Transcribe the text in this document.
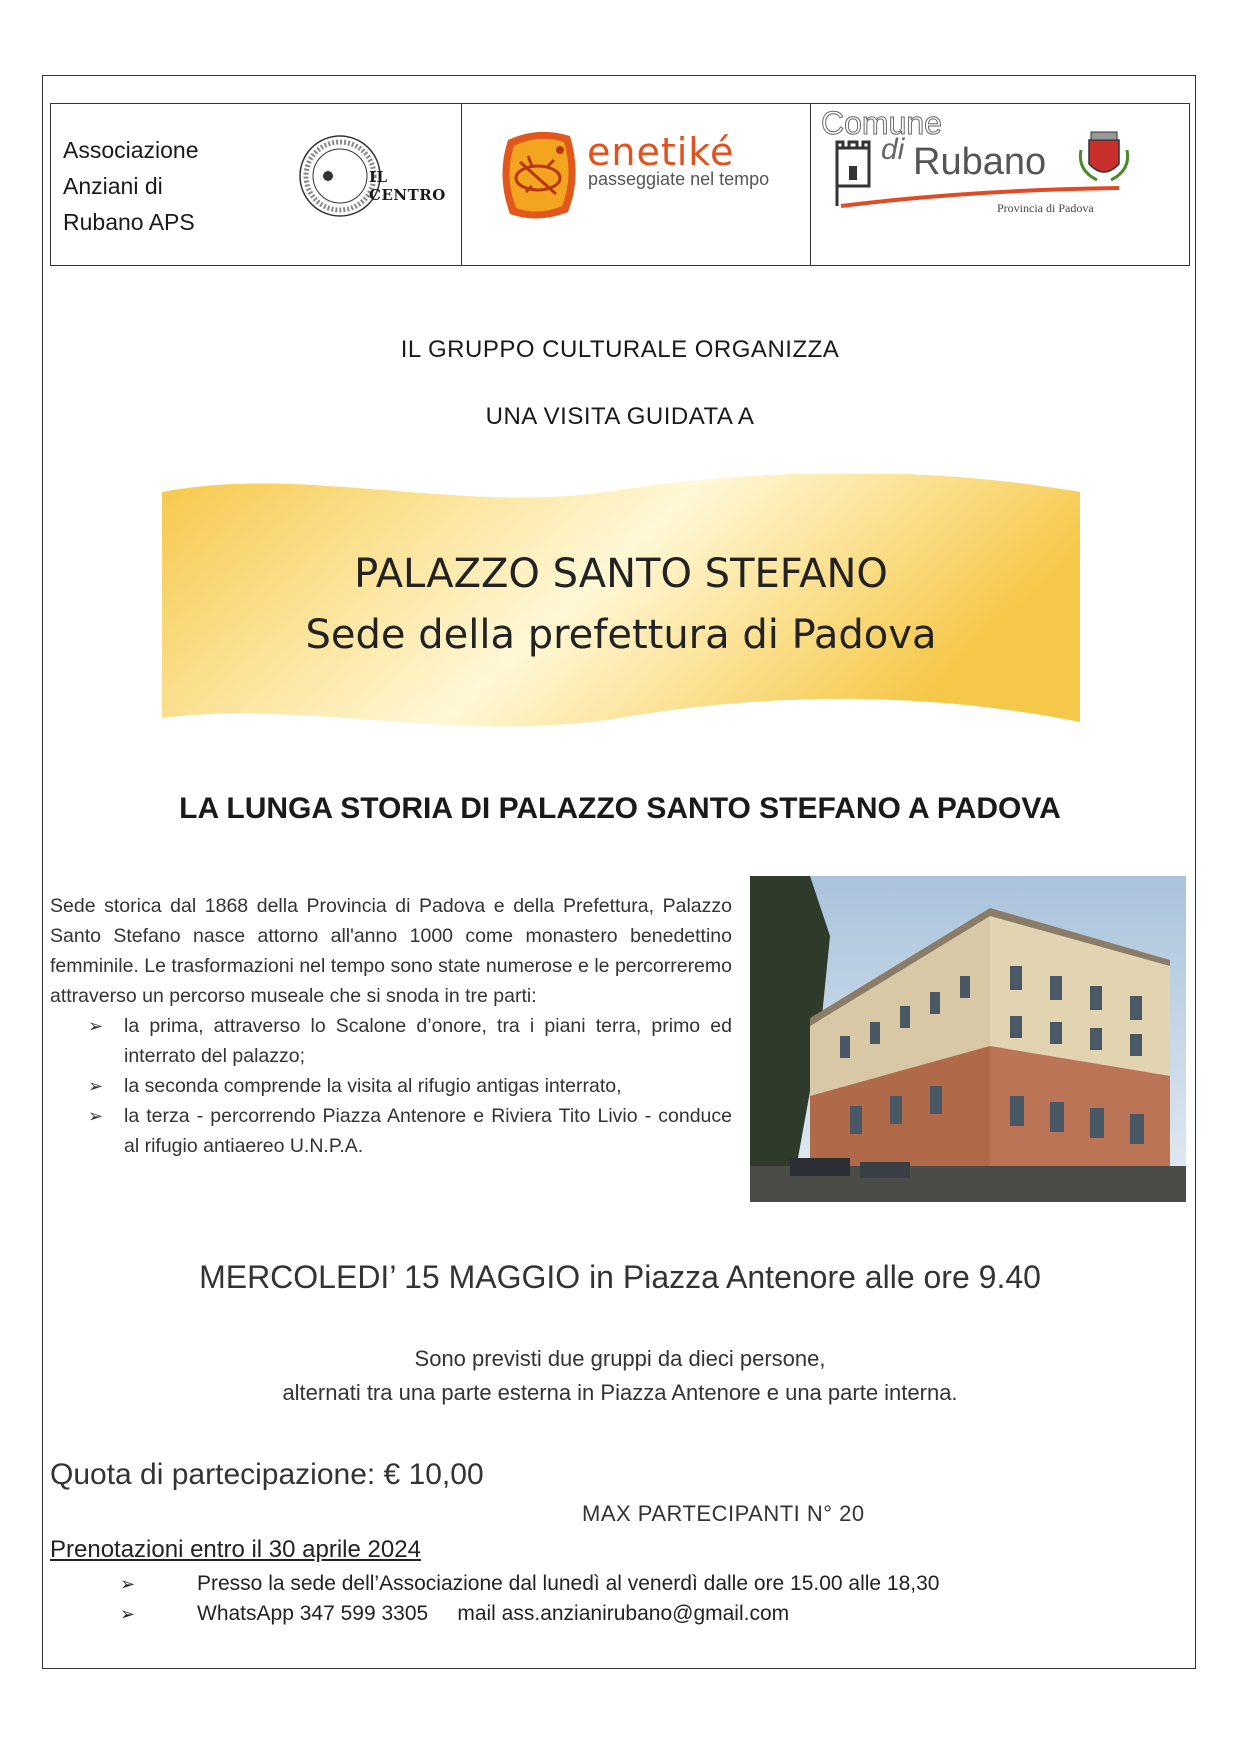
Associazione
Anziani di
Rubano APS
IL CENTRO
enetiké
passeggiate nel tempo
Comune
di Rubano
Provincia di Padova
IL GRUPPO CULTURALE ORGANIZZA
UNA VISITA GUIDATA A
PALAZZO SANTO STEFANO
Sede della prefettura di Padova
LA LUNGA STORIA DI PALAZZO SANTO STEFANO A PADOVA

Sede storica dal 1868 della Provincia di Padova e della Prefettura, Palazzo Santo Stefano nasce attorno all'anno 1000 come monastero benedettino femminile. Le trasformazioni nel tempo sono state numerose e le percorreremo attraverso un percorso museale che si snoda in tre parti:

➢ la prima, attraverso lo Scalone d’onore, tra i piani terra, primo ed interrato del palazzo;
➢ la seconda comprende la visita al rifugio antigas interrato,
➢ la terza - percorrendo Piazza Antenore e Riviera Tito Livio - conduce al rifugio antiaereo U.N.P.A.
MERCOLEDI’ 15 MAGGIO in Piazza Antenore alle ore 9.40
Sono previsti due gruppi da dieci persone,
alternati tra una parte esterna in Piazza Antenore e una parte interna.
Quota di partecipazione: € 10,00
MAX PARTECIPANTI N° 20
Prenotazioni entro il 30 aprile 2024
➢	Presso la sede dell’Associazione dal lunedì al venerdì dalle ore 15.00 alle 18,30
➢	WhatsApp 347 599 3305     mail ass.anzianirubano@gmail.com
